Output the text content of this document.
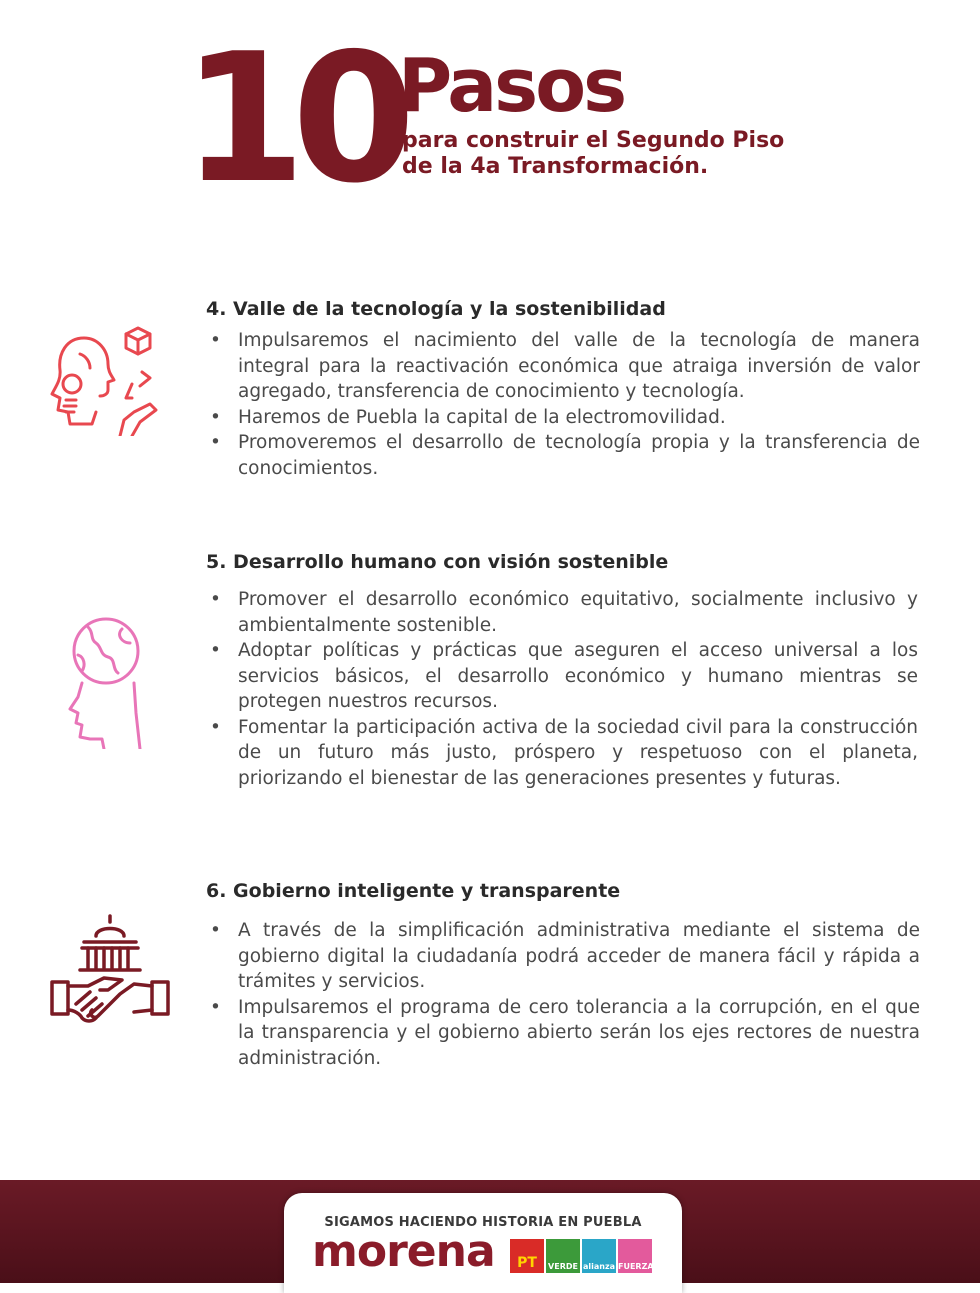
10
Pasos
para construir el Segundo Piso
de la 4a Transformación.
4. Valle de la tecnología y la sostenibilidad
• Impulsaremos el nacimiento del valle de la tecnología de manera integral para la reactivación económica que atraiga inversión de valor agregado, transferencia de conocimiento y tecnología.
• Haremos de Puebla la capital de la electromovilidad.
• Promoveremos el desarrollo de tecnología propia y la transferencia de conocimientos.
5. Desarrollo humano con visión sostenible
• Promover el desarrollo económico equitativo, socialmente inclusivo y ambientalmente sostenible.
• Adoptar políticas y prácticas que aseguren el acceso universal a los servicios básicos, el desarrollo económico y humano mientras se protegen nuestros recursos.
• Fomentar la participación activa de la sociedad civil para la construcción de un futuro más justo, próspero y respetuoso con el planeta, priorizando el bienestar de las generaciones presentes y futuras.
6. Gobierno inteligente y transparente
• A través de la simplificación administrativa mediante el sistema de gobierno digital la ciudadanía podrá acceder de manera fácil y rápida a trámites y servicios.
• Impulsaremos el programa de cero tolerancia a la corrupción, en el que la transparencia y el gobierno abierto serán los ejes rectores de nuestra administración.
SIGAMOS HACIENDO HISTORIA EN PUEBLA
morena	PT	VERDE alianza FUERZA
